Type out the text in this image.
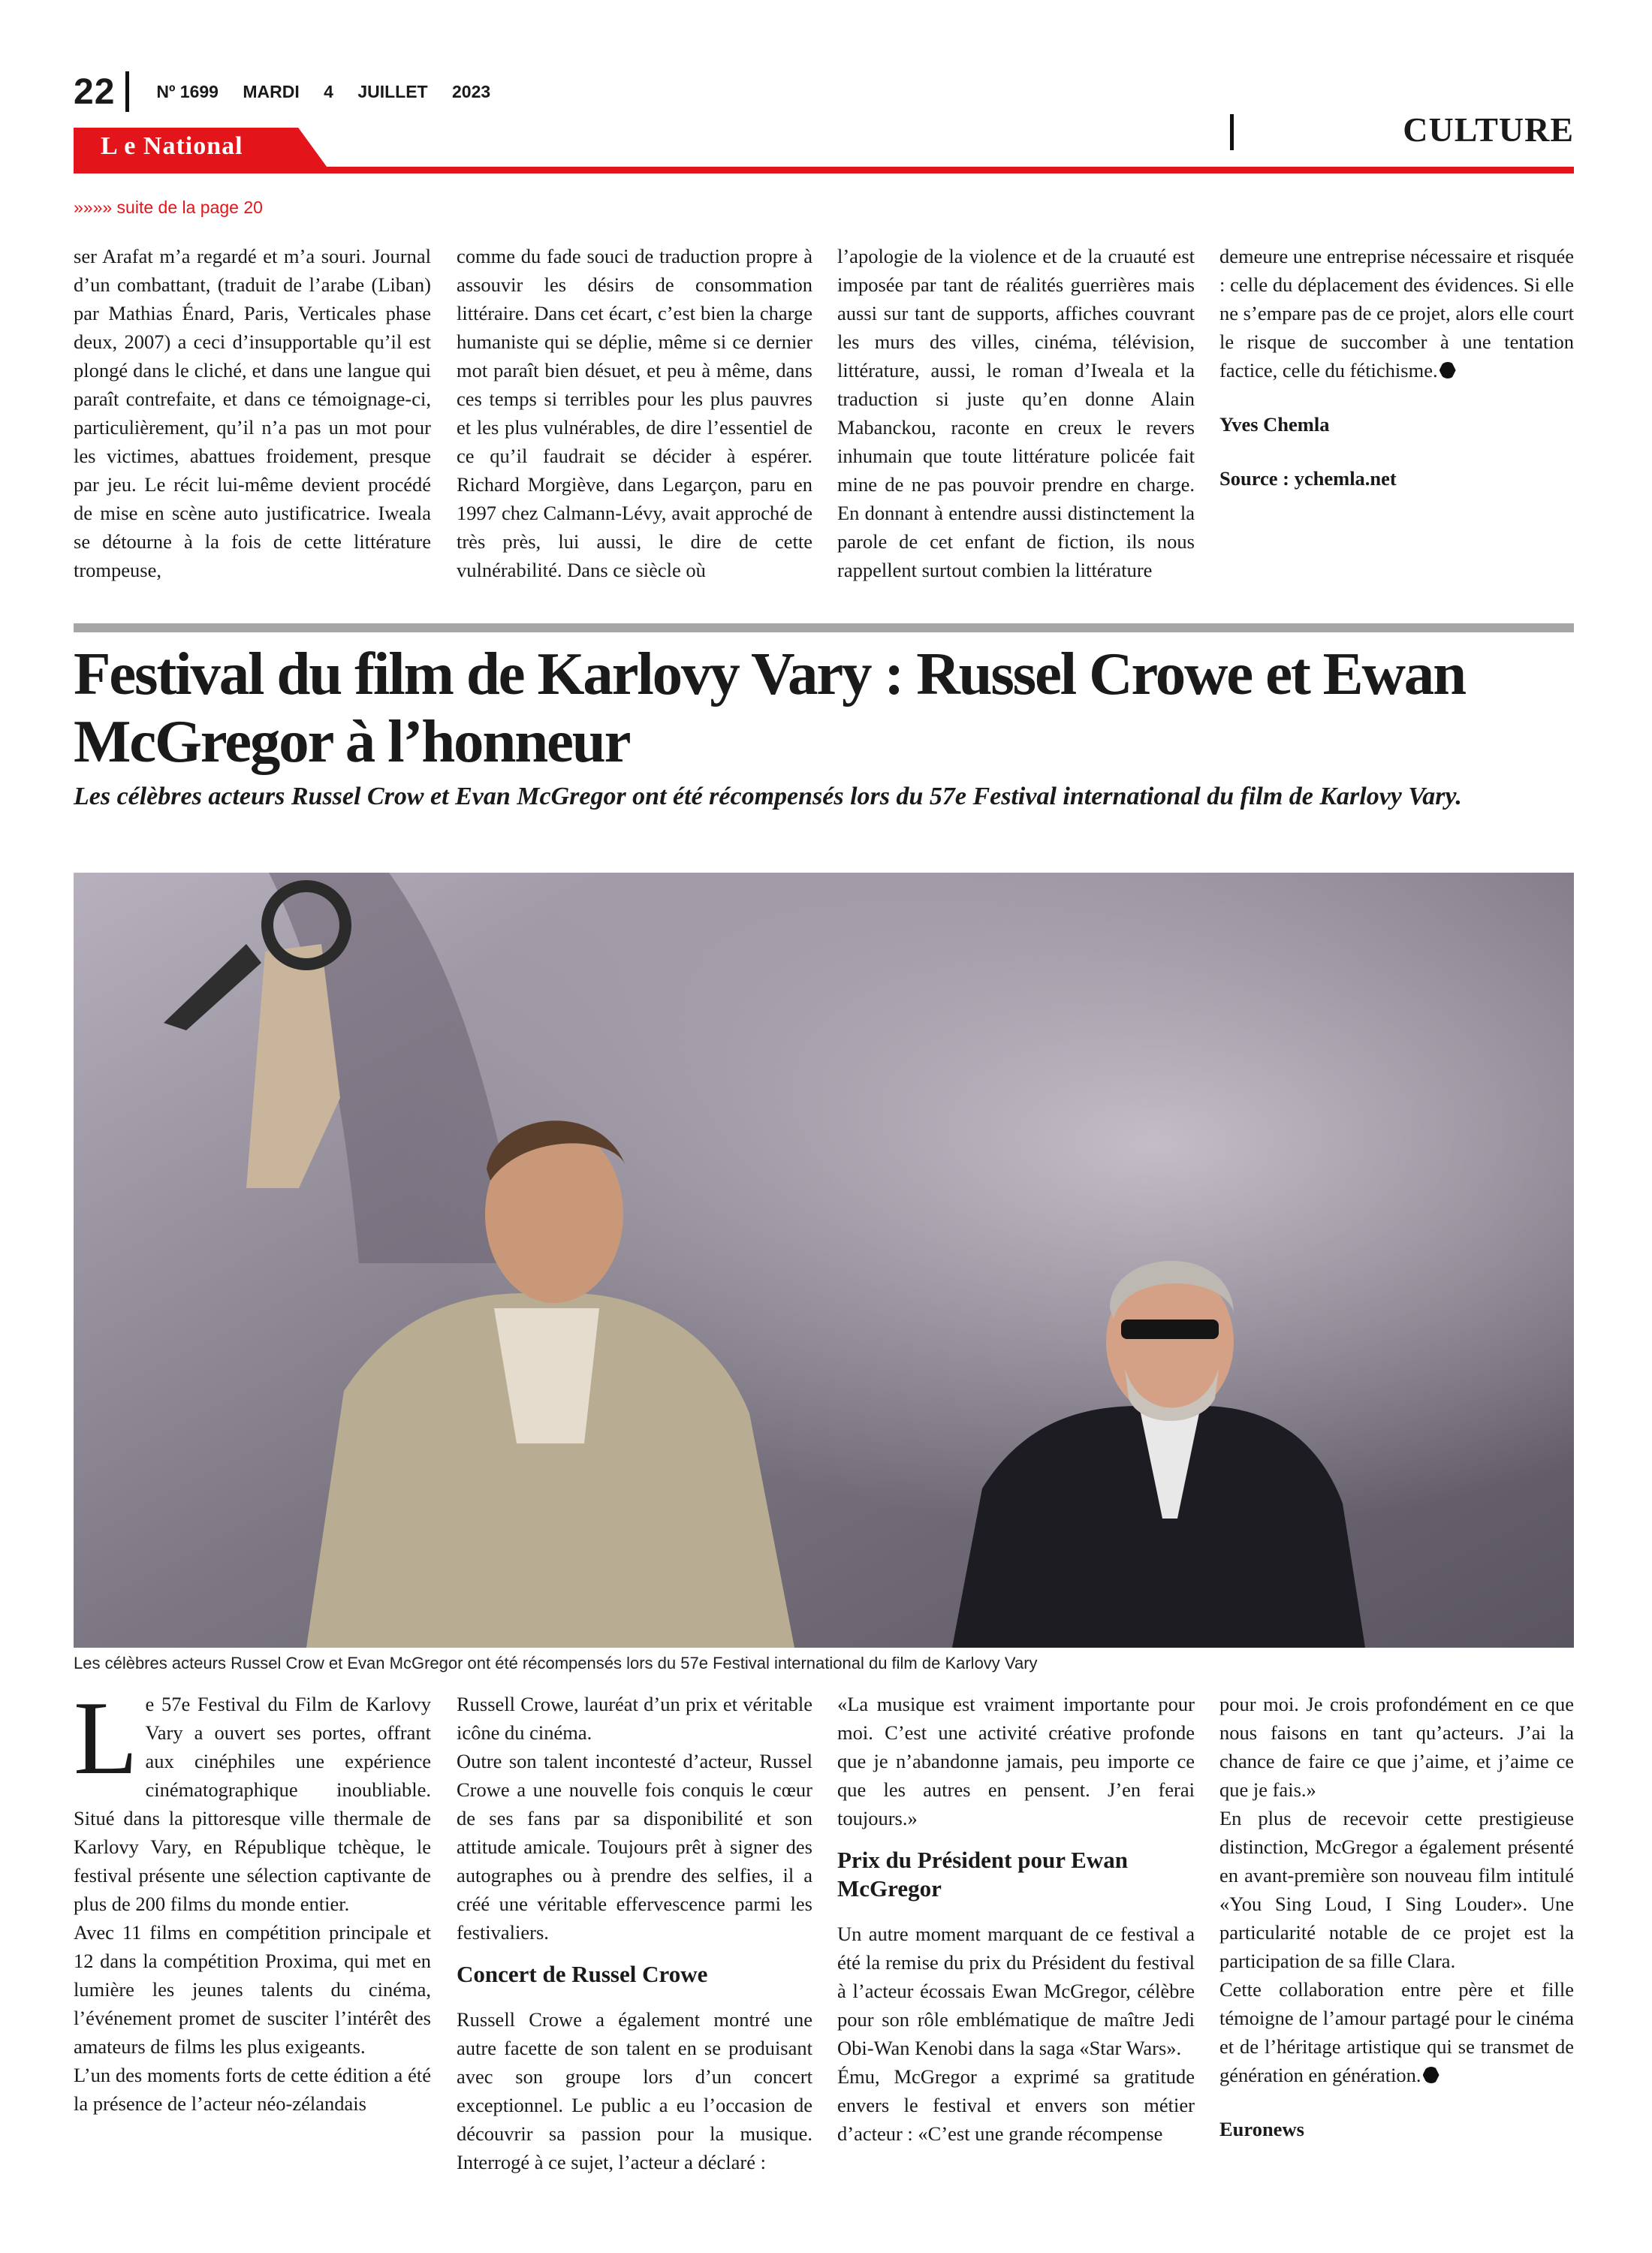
22 Nº 1699 MARDI 4 JUILLET 2023
CULTURE
L e National
»»»» suite de la page 20

ser Arafat m’a regardé et m’a souri. Journal d’un combattant, (traduit de l’arabe (Liban) par Mathias Énard, Paris, Verticales phase deux, 2007) a ceci d’insupportable qu’il est plongé dans le cliché, et dans une langue qui paraît contrefaite, et dans ce témoignage-ci, particulièrement, qu’il n’a pas un mot pour les victimes, abattues froidement, presque par jeu. Le récit lui-même devient procédé de mise en scène auto justificatrice. Iweala se détourne à la fois de cette littérature trompeuse,

comme du fade souci de traduction propre à assouvir les désirs de consommation littéraire. Dans cet écart, c’est bien la charge humaniste qui se déplie, même si ce dernier mot paraît bien désuet, et peu à même, dans ces temps si terribles pour les plus pauvres et les plus vulnérables, de dire l’essentiel de ce qu’il faudrait se décider à espérer. Richard Morgiève, dans Legarçon, paru en 1997 chez Calmann-Lévy, avait approché de très près, lui aussi, le dire de cette vulnérabilité. Dans ce siècle où

l’apologie de la violence et de la cruauté est imposée par tant de réalités guerrières mais aussi sur tant de supports, affiches couvrant les murs des villes, cinéma, télévision, littérature, aussi, le roman d’Iweala et la traduction si juste qu’en donne Alain Mabanckou, raconte en creux le revers inhumain que toute littérature policée fait mine de ne pas pouvoir prendre en charge. En donnant à entendre aussi distinctement la parole de cet enfant de fiction, ils nous rappellent surtout combien la littérature

demeure une entreprise nécessaire et risquée : celle du déplacement des évidences. Si elle ne s’empare pas de ce projet, alors elle court le risque de succomber à une tentation factice, celle du fétichisme.

Yves Chemla

Source : ychemla.net

Festival du film de Karlovy Vary : Russel Crowe et Ewan
McGregor à l’honneur

Les célèbres acteurs Russel Crow et Evan McGregor ont été récompensés lors du 57e Festival international du film de Karlovy Vary.

Les célèbres acteurs Russel Crow et Evan McGregor ont été récompensés lors du 57e Festival international du film de Karlovy Vary

Le 57e Festival du Film de Karlovy Vary a ouvert ses portes, offrant aux cinéphiles une expérience cinématographique inoubliable. Situé dans la pittoresque ville thermale de Karlovy Vary, en République tchèque, le festival présente une sélection captivante de plus de 200 films du monde entier.

Avec 11 films en compétition principale et 12 dans la compétition Proxima, qui met en lumière les jeunes talents du cinéma, l’événement promet de susciter l’intérêt des amateurs de films les plus exigeants.

L’un des moments forts de cette édition a été la présence de l’acteur néo-zélandais

Russell Crowe, lauréat d’un prix et véritable icône du cinéma.

Outre son talent incontesté d’acteur, Russel Crowe a une nouvelle fois conquis le cœur de ses fans par sa disponibilité et son attitude amicale. Toujours prêt à signer des autographes ou à prendre des selfies, il a créé une véritable effervescence parmi les festivaliers.

Concert de Russel Crowe

Russell Crowe a également montré une autre facette de son talent en se produisant avec son groupe lors d’un concert exceptionnel. Le public a eu l’occasion de découvrir sa passion pour la musique. Interrogé à ce sujet, l’acteur a déclaré :

«La musique est vraiment importante pour moi. C’est une activité créative profonde que je n’abandonne jamais, peu importe ce que les autres en pensent. J’en ferai toujours.»

Prix du Président pour Ewan McGregor

Un autre moment marquant de ce festival a été la remise du prix du Président du festival à l’acteur écossais Ewan McGregor, célèbre pour son rôle emblématique de maître Jedi Obi-Wan Kenobi dans la saga «Star Wars».

Ému, McGregor a exprimé sa gratitude envers le festival et envers son métier d’acteur : «C’est une grande récompense

pour moi. Je crois profondément en ce que nous faisons en tant qu’acteurs. J’ai la chance de faire ce que j’aime, et j’aime ce que je fais.»

En plus de recevoir cette prestigieuse distinction, McGregor a également présenté en avant-première son nouveau film intitulé «You Sing Loud, I Sing Louder». Une particularité notable de ce projet est la participation de sa fille Clara.

Cette collaboration entre père et fille témoigne de l’amour partagé pour le cinéma et de l’héritage artistique qui se transmet de génération en génération.

Euronews
